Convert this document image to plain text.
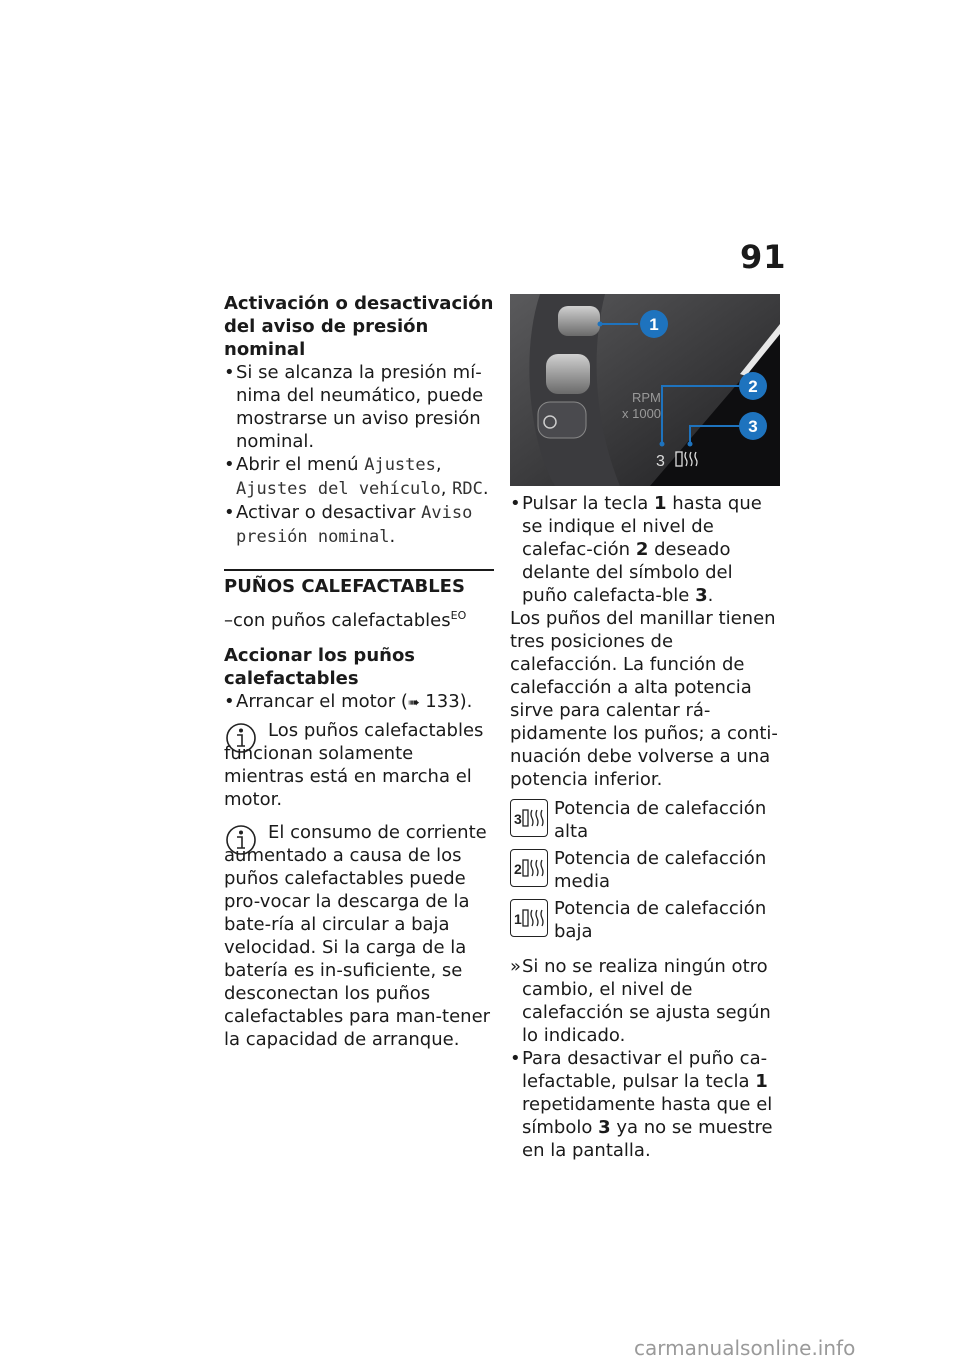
91
Activación o desactivación del aviso de presión nominal
• Si se alcanza la presión mí-nima del neumático, puede mostrarse un aviso presión nominal.
• Abrir el menú Ajustes, Ajustes del vehículo, RDC.
• Activar o desactivar Aviso presión nominal.
PUÑOS CALEFACTABLES
–con puños calefactables$^{EO}$
Accionar los puños calefactables
• Arrancar el motor (➠ 133).
Los puños calefactables funcionan solamente mientras está en marcha el motor.
El consumo de corriente aumentado a causa de los puños calefactables puede pro-vocar la descarga de la bate-ría al circular a baja velocidad. Si la carga de la batería es in-suficiente, se desconectan los puños calefactables para man-tener la capacidad de arranque.
1
2
3
RPM
x 1000
3
• Pulsar la tecla 1 hasta que se indique el nivel de calefac-ción 2 deseado delante del símbolo del puño calefacta-ble 3.
Los puños del manillar tienen tres posiciones de calefacción. La función de calefacción a alta potencia sirve para calentar rá-pidamente los puños; a conti-nuación debe volverse a una potencia inferior.
3 Potencia de calefacción alta
2 Potencia de calefacción media
1 Potencia de calefacción baja
» Si no se realiza ningún otro cambio, el nivel de calefacción se ajusta según lo indicado.
• Para desactivar el puño ca-lefactable, pulsar la tecla 1 repetidamente hasta que el símbolo 3 ya no se muestre en la pantalla.
carmanualsonline.info
